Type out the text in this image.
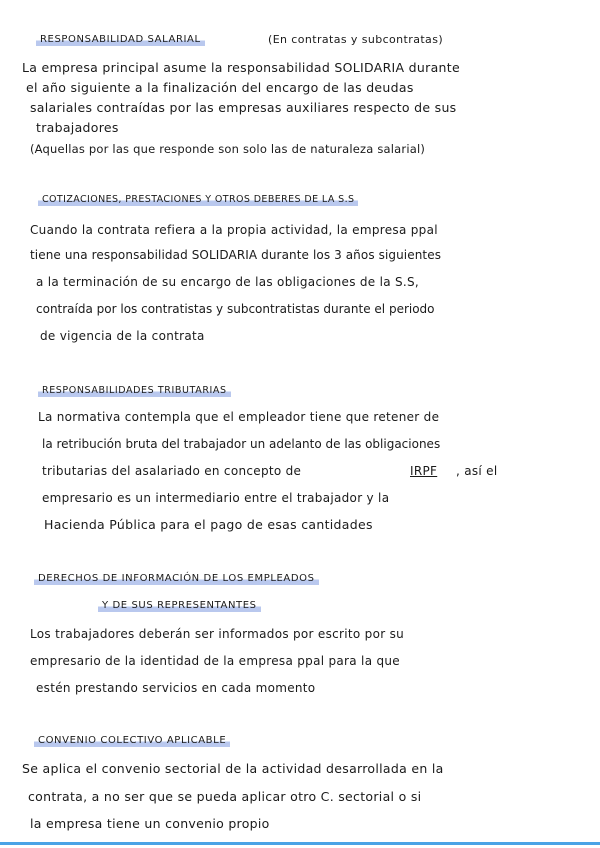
RESPONSABILIDAD SALARIAL	(En contratas y subcontratas)
La empresa principal asume la responsabilidad SOLIDARIA durante
el año siguiente a la finalización del encargo de las deudas
salariales contraídas por las empresas auxiliares respecto de sus
trabajadores
(Aquellas por las que responde son solo las de naturaleza salarial)
COTIZACIONES, PRESTACIONES Y OTROS DEBERES DE LA S.S
Cuando la contrata refiera a la propia actividad, la empresa ppal
tiene una responsabilidad SOLIDARIA durante los 3 años siguientes
a la terminación de su encargo de las obligaciones de la S.S,
contraída por los contratistas y subcontratistas durante el periodo
de vigencia de la contrata
RESPONSABILIDADES TRIBUTARIAS
La normativa contempla que el empleador tiene que retener de
la retribución bruta del trabajador un adelanto de las obligaciones
tributarias del asalariado en concepto de	IRPF , así el
empresario es un intermediario entre el trabajador y la
Hacienda Pública para el pago de esas cantidades
DERECHOS DE INFORMACIÓN DE LOS EMPLEADOS
Y DE SUS REPRESENTANTES
Los trabajadores deberán ser informados por escrito por su
empresario de la identidad de la empresa ppal para la que
estén prestando servicios en cada momento
CONVENIO COLECTIVO APLICABLE
Se aplica el convenio sectorial de la actividad desarrollada en la
contrata, a no ser que se pueda aplicar otro C. sectorial o si
la empresa tiene un convenio propio
